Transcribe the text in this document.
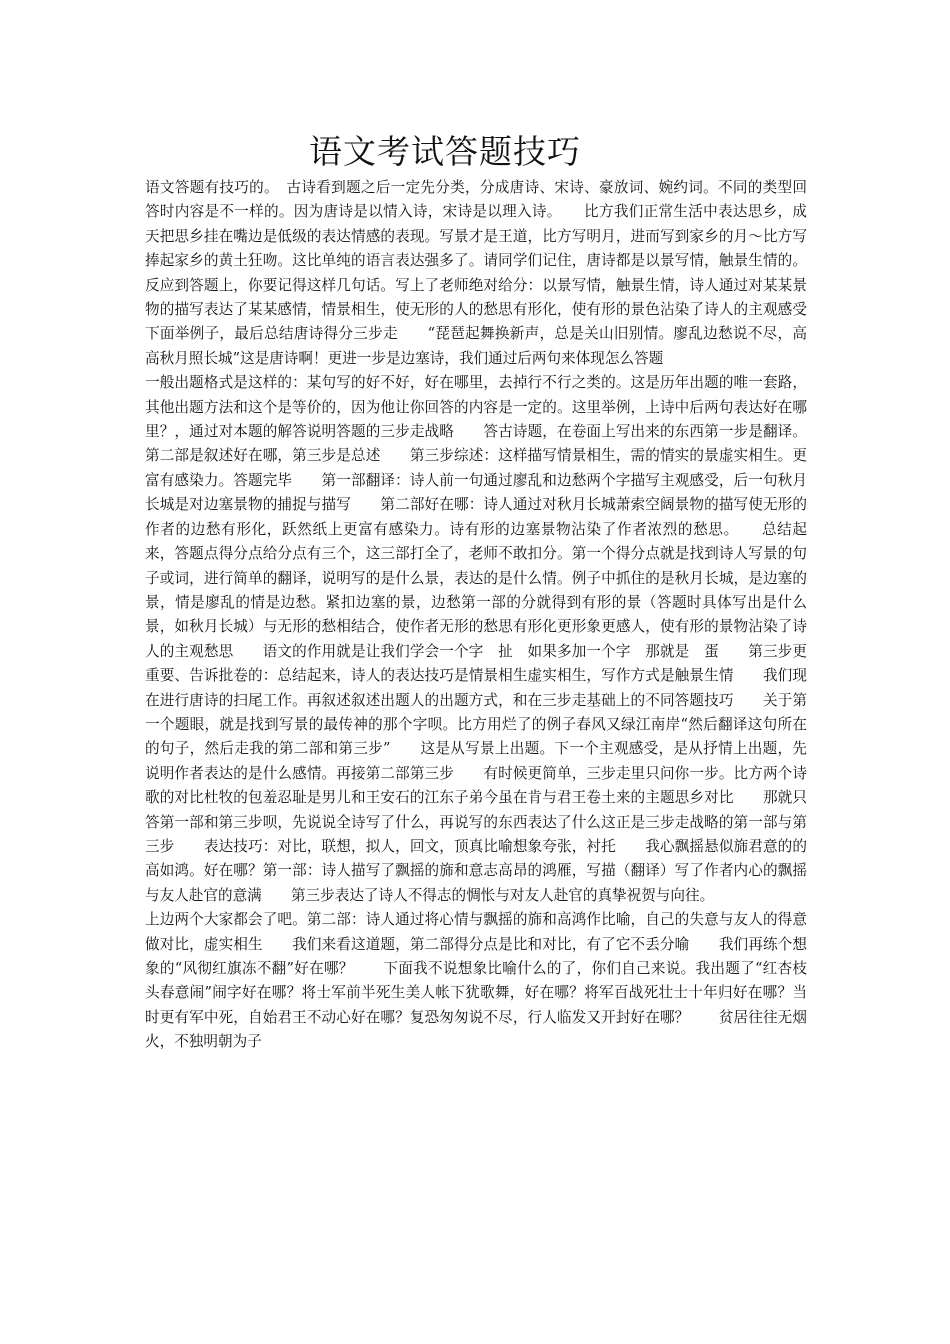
语文考试答题技巧

语文答题有技巧的。　古诗看到题之后一定先分类，分成唐诗、宋诗、豪放词、婉约词。不同的类型回答时内容是不一样的。因为唐诗是以情入诗，宋诗是以理入诗。　　比方我们正常生活中表达思乡，成天把思乡挂在嘴边是低级的表达情感的表现。写景才是王道，比方写明月，进而写到家乡的月～比方写捧起家乡的黄土狂吻。这比单纯的语言表达强多了。请同学们记住，唐诗都是以景写情，触景生情的。反应到答题上，你要记得这样几句话。写上了老师绝对给分：以景写情，触景生情，诗人通过对某某景物的描写表达了某某感情，情景相生，使无形的人的愁思有形化，使有形的景色沾染了诗人的主观感受　　下面举例子，最后总结唐诗得分三步走　　“琵琶起舞换新声，总是关山旧别情。廖乱边愁说不尽，高高秋月照长城”这是唐诗啊！更进一步是边塞诗，我们通过后两句来体现怎么答题

一般出题格式是这样的：某句写的好不好，好在哪里，去掉行不行之类的。这是历年出题的唯一套路，其他出题方法和这个是等价的，因为他让你回答的内容是一定的。这里举例，上诗中后两句表达好在哪里？，通过对本题的解答说明答题的三步走战略　　答古诗题，在卷面上写出来的东西第一步是翻译。第二部是叙述好在哪，第三步是总述　　第三步综述：这样描写情景相生，需的情实的景虚实相生。更富有感染力。答题完毕　　第一部翻译：诗人前一句通过廖乱和边愁两个字描写主观感受，后一句秋月长城是对边塞景物的捕捉与描写　　第二部好在哪：诗人通过对秋月长城萧索空阔景物的描写使无形的作者的边愁有形化，跃然纸上更富有感染力。诗有形的边塞景物沾染了作者浓烈的愁思。　　总结起来，答题点得分点给分点有三个，这三部打全了，老师不敢扣分。第一个得分点就是找到诗人写景的句子或词，进行简单的翻译，说明写的是什么景，表达的是什么情。例子中抓住的是秋月长城，是边塞的景，情是廖乱的情是边愁。紧扣边塞的景，边愁第一部的分就得到有形的景（答题时具体写出是什么景，如秋月长城）与无形的愁相结合，使作者无形的愁思有形化更形象更感人，使有形的景物沾染了诗人的主观愁思　　语文的作用就是让我们学会一个字　扯　如果多加一个字　那就是　蛋　　第三步更重要、告诉批卷的：总结起来，诗人的表达技巧是情景相生虚实相生，写作方式是触景生情　　我们现在进行唐诗的扫尾工作。再叙述叙述出题人的出题方式，和在三步走基础上的不同答题技巧　　关于第一个题眼，就是找到写景的最传神的那个字呗。比方用烂了的例子春风又绿江南岸“然后翻译这句所在的句子，然后走我的第二部和第三步”　　这是从写景上出题。下一个主观感受，是从抒情上出题，先说明作者表达的是什么感情。再接第二部第三步　　有时候更简单，三步走里只问你一步。比方两个诗歌的对比杜牧的包羞忍耻是男儿和王安石的江东子弟今虽在肯与君王卷土来的主题思乡对比　　那就只答第一部和第三步呗，先说说全诗写了什么，再说写的东西表达了什么这正是三步走战略的第一部与第三步　　表达技巧：对比，联想，拟人，回文，顶真比喻想象夸张，衬托　　我心飘摇悬似旆君意的的高如鸿。好在哪？第一部：诗人描写了飘摇的旆和意志高昂的鸿雁，写描（翻译）写了作者内心的飘摇与友人赴官的意满　　第三步表达了诗人不得志的惆怅与对友人赴官的真挚祝贺与向往。

上边两个大家都会了吧。第二部：诗人通过将心情与飘摇的旆和高鸿作比喻，自己的失意与友人的得意做对比，虚实相生　　我们来看这道题，第二部得分点是比和对比，有了它不丢分喻　　我们再练个想象的“风彻红旗冻不翻”好在哪？　　下面我不说想象比喻什么的了，你们自己来说。我出题了“红杏枝头春意闹”闹字好在哪？将士军前半死生美人帐下犹歌舞，好在哪？将军百战死壮士十年归好在哪？当时更有军中死，自始君王不动心好在哪？复恐匆匆说不尽，行人临发又开封好在哪？　　贫居往往无烟火，不独明朝为子
